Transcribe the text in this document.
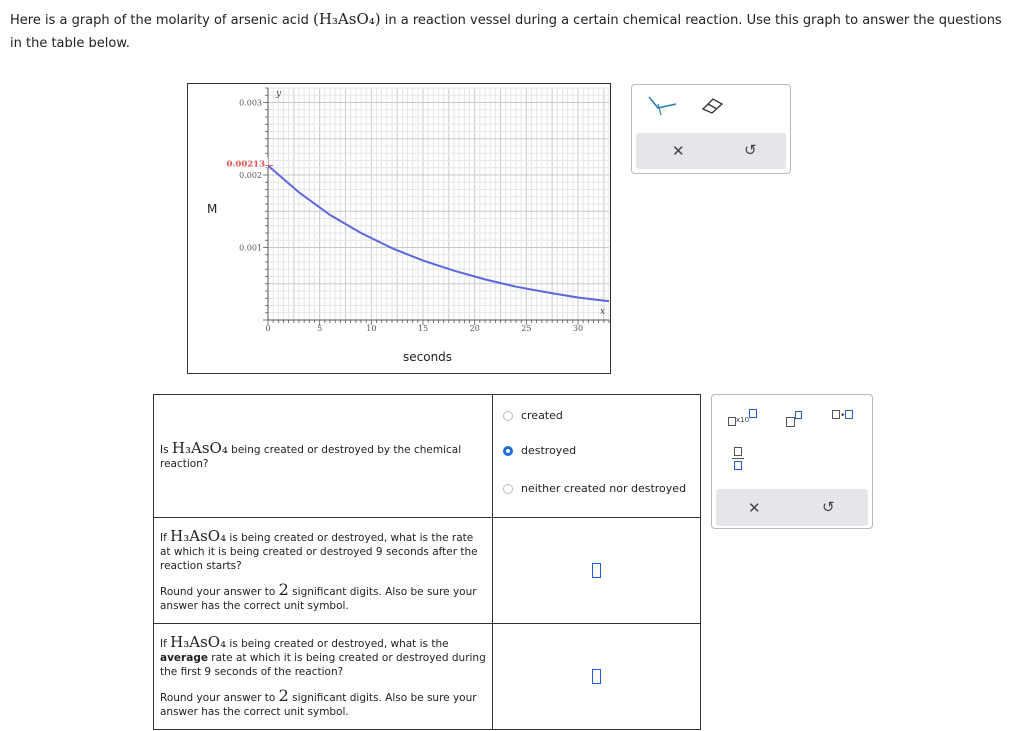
Here is a graph of the molarity of arsenic acid (H₃AsO₄) in a reaction vessel during a certain chemical reaction. Use this graph to answer the questions in the table below.
y
x
0	5	10	15	20	25	30
0.001
0.002
0.003
0.00213
M
seconds
✕	↺
Is H₃AsO₄ being created or destroyed by the chemical reaction?	created
destroyed
neither created nor destroyed

If H₃AsO₄ is being created or destroyed, what is the rate at which it is being created or destroyed 9 seconds after the reaction starts?
Round your answer to 2 significant digits. Also be sure your answer has the correct unit symbol.	

If H₃AsO₄ is being created or destroyed, what is the average rate at which it is being created or destroyed during the first 9 seconds of the reaction?
Round your answer to 2 significant digits. Also be sure your answer has the correct unit symbol.	

x10	•
✕	↺
